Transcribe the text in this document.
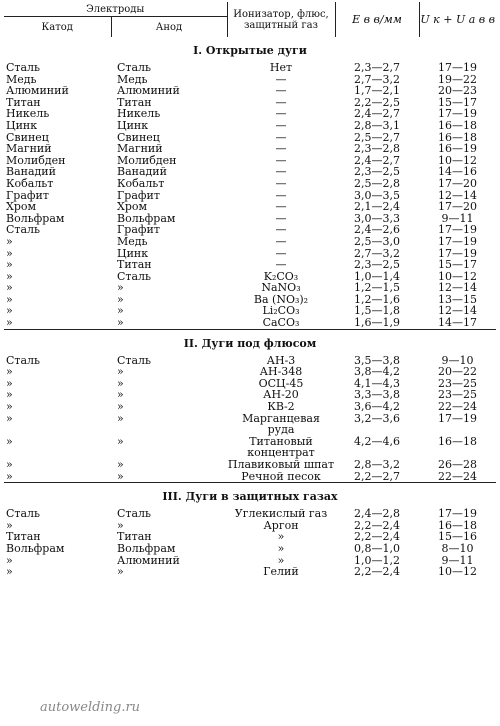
Электроды		Ионизатор, флюс, защитный газ	E в в/мм	U к + U а в в
Катод	Анод			
I. Открытые дуги				
Сталь	Сталь	Нет	2,3—2,7	17—19
Медь	Медь	—	2,7—3,2	19—22
Алюминий	Алюминий	—	1,7—2,1	20—23
Титан	Титан	—	2,2—2,5	15—17
Никель	Никель	—	2,4—2,7	17—19
Цинк	Цинк	—	2,8—3,1	16—18
Свинец	Свинец	—	2,5—2,7	16—18
Магний	Магний	—	2,3—2,8	16—19
Молибден	Молибден	—	2,4—2,7	10—12
Ванадий	Ванадий	—	2,3—2,5	14—16
Кобальт	Кобальт	—	2,5—2,8	17—20
Графит	Графит	—	3,0—3,5	12—14
Хром	Хром	—	2,1—2,4	17—20
Вольфрам	Вольфрам	—	3,0—3,3	9—11
Сталь	Графит	—	2,4—2,6	17—19
»	Медь	—	2,5—3,0	17—19
»	Цинк	—	2,7—3,2	17—19
»	Титан	—	2,3—2,5	15—17
»	Сталь	K₂CO₃	1,0—1,4	10—12
»	»	NaNO₃	1,2—1,5	12—14
»	»	Ba (NO₃)₂	1,2—1,6	13—15
»	»	Li₂CO₃	1,5—1,8	12—14
»	»	CaCO₃	1,6—1,9	14—17
II. Дуги под флюсом				
Сталь	Сталь	АН-3	3,5—3,8	9—10
»	»	АН-348	3,8—4,2	20—22
»	»	ОСЦ-45	4,1—4,3	23—25
»	»	АН-20	3,3—3,8	23—25
»	»	КВ-2	3,6—4,2	22—24
»	»	Марганцевая руда	3,2—3,6	17—19
»	»	Титановый концентрат	4,2—4,6	16—18
»	»	Плавиковый шпат	2,8—3,2	26—28
»	»	Речной песок	2,2—2,7	22—24
III. Дуги в защитных газах				
Сталь	Сталь	Углекислый газ	2,4—2,8	17—19
»	»	Аргон	2,2—2,4	16—18
Титан	Титан	»	2,2—2,4	15—16
Вольфрам	Вольфрам	»	0,8—1,0	8—10
»	Алюминий	»	1,0—1,2	9—11
»	»	Гелий	2,2—2,4	10—12
autowelding.ru
